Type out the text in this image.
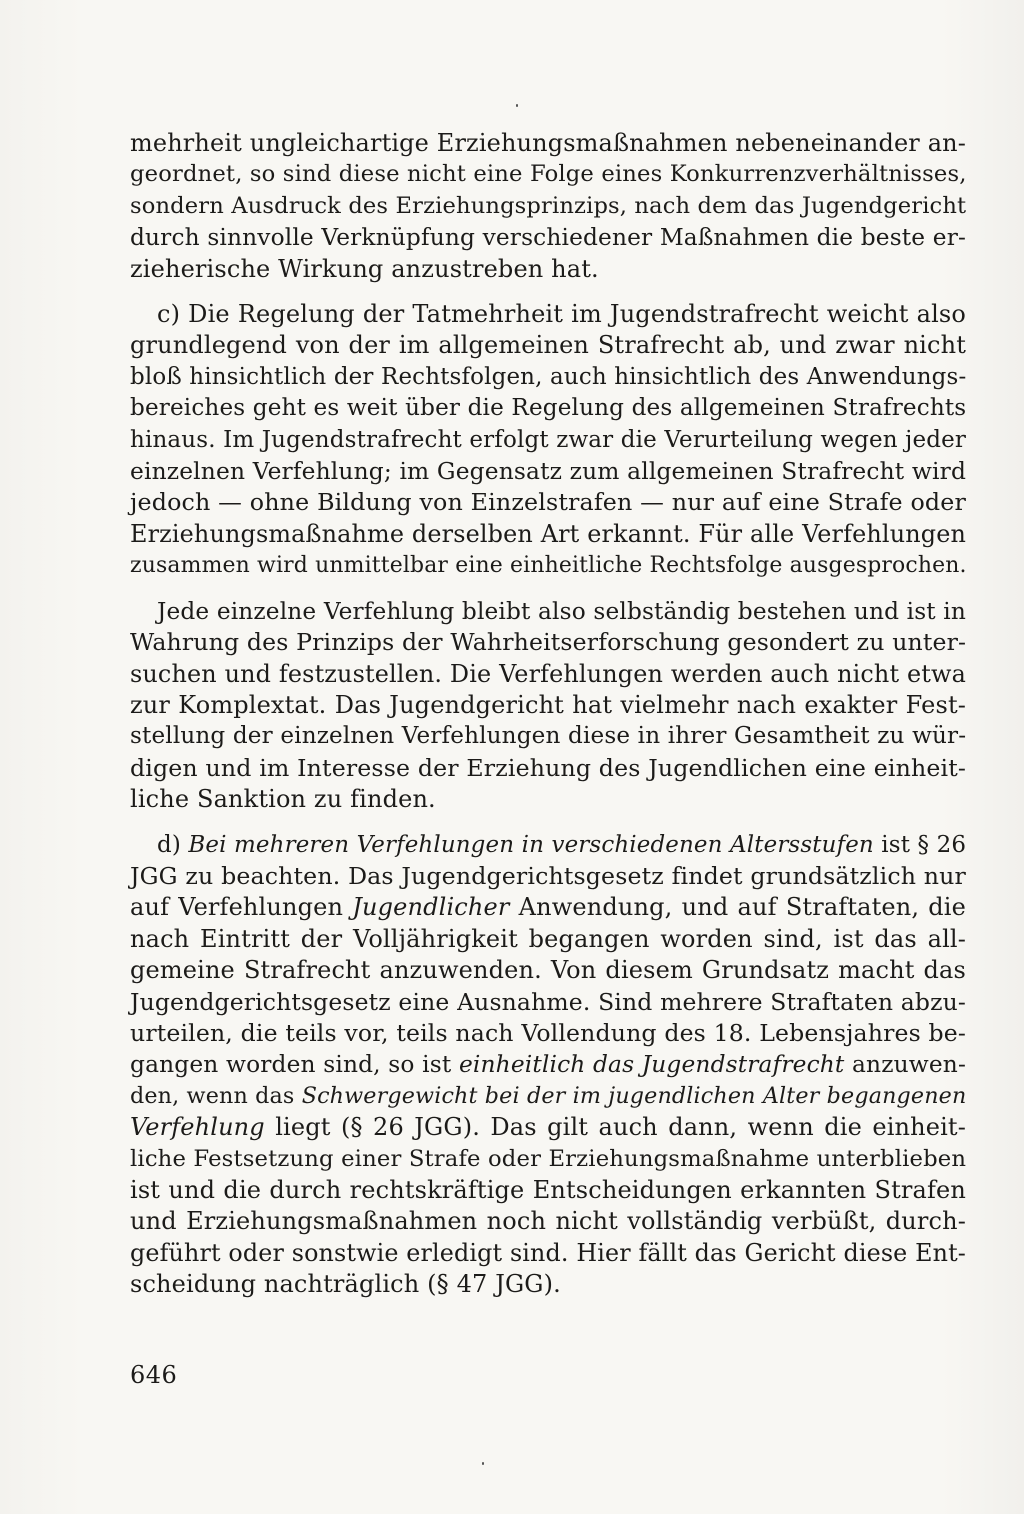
mehrheit ungleichartige Erziehungsmaßnahmen nebeneinander an-
geordnet, so sind diese nicht eine Folge eines Konkurrenzverhältnisses,
sondern Ausdruck des Erziehungsprinzips, nach dem das Jugendgericht
durch sinnvolle Verknüpfung verschiedener Maßnahmen die beste er-
zieherische Wirkung anzustreben hat.
c) Die Regelung der Tatmehrheit im Jugendstrafrecht weicht also
grundlegend von der im allgemeinen Strafrecht ab, und zwar nicht
bloß hinsichtlich der Rechtsfolgen, auch hinsichtlich des Anwendungs-
bereiches geht es weit über die Regelung des allgemeinen Strafrechts
hinaus. Im Jugendstrafrecht erfolgt zwar die Verurteilung wegen jeder
einzelnen Verfehlung; im Gegensatz zum allgemeinen Strafrecht wird
jedoch — ohne Bildung von Einzelstrafen — nur auf eine Strafe oder
Erziehungsmaßnahme derselben Art erkannt. Für alle Verfehlungen
zusammen wird unmittelbar eine einheitliche Rechtsfolge ausgesprochen.
Jede einzelne Verfehlung bleibt also selbständig bestehen und ist in
Wahrung des Prinzips der Wahrheitserforschung gesondert zu unter-
suchen und festzustellen. Die Verfehlungen werden auch nicht etwa
zur Komplextat. Das Jugendgericht hat vielmehr nach exakter Fest-
stellung der einzelnen Verfehlungen diese in ihrer Gesamtheit zu wür-
digen und im Interesse der Erziehung des Jugendlichen eine einheit-
liche Sanktion zu finden.
d) Bei mehreren Verfehlungen in verschiedenen Altersstufen ist § 26
JGG zu beachten. Das Jugendgerichtsgesetz findet grundsätzlich nur
auf Verfehlungen Jugendlicher Anwendung, und auf Straftaten, die
nach Eintritt der Volljährigkeit begangen worden sind, ist das all-
gemeine Strafrecht anzuwenden. Von diesem Grundsatz macht das
Jugendgerichtsgesetz eine Ausnahme. Sind mehrere Straftaten abzu-
urteilen, die teils vor, teils nach Vollendung des 18. Lebensjahres be-
gangen worden sind, so ist einheitlich das Jugendstrafrecht anzuwen-
den, wenn das Schwergewicht bei der im jugendlichen Alter begangenen
Verfehlung liegt (§ 26 JGG). Das gilt auch dann, wenn die einheit-
liche Festsetzung einer Strafe oder Erziehungsmaßnahme unterblieben
ist und die durch rechtskräftige Entscheidungen erkannten Strafen
und Erziehungsmaßnahmen noch nicht vollständig verbüßt, durch-
geführt oder sonstwie erledigt sind. Hier fällt das Gericht diese Ent-
scheidung nachträglich (§ 47 JGG).
646
